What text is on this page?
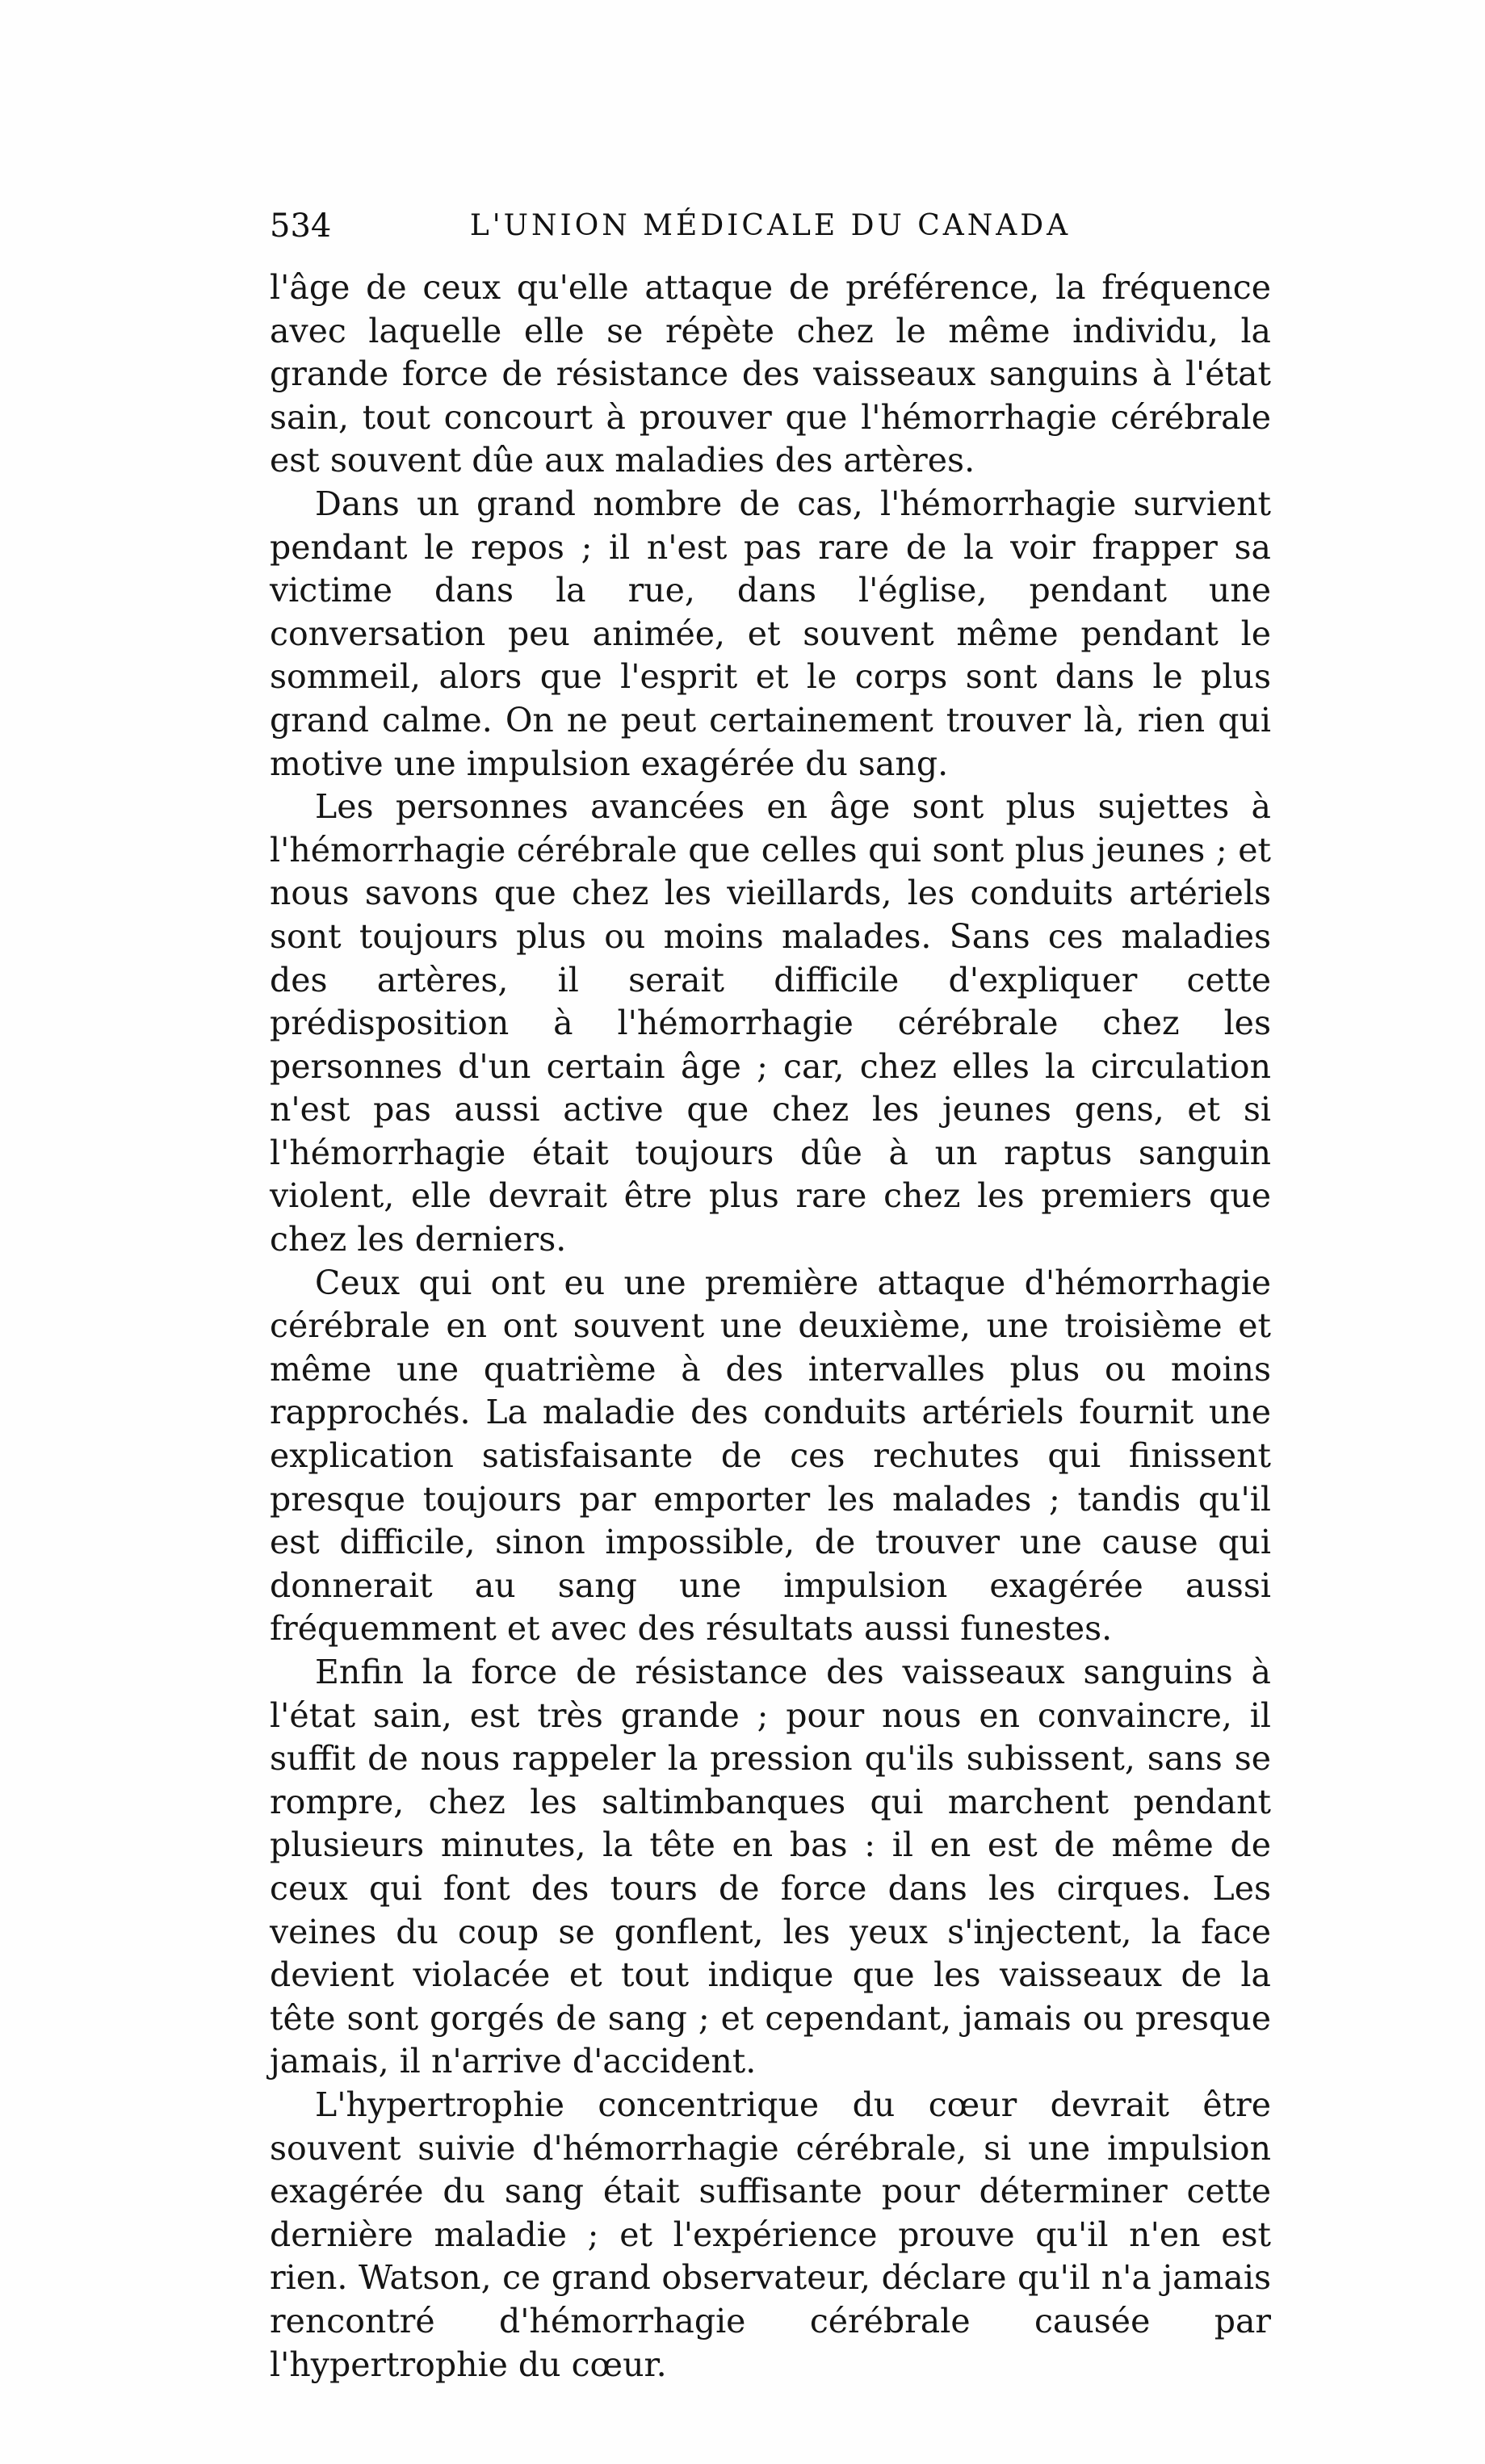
534	L'UNION MÉDICALE DU CANADA

l'âge de ceux qu'elle attaque de préférence, la fréquence avec laquelle elle se répète chez le même individu, la grande force de résistance des vaisseaux sanguins à l'état sain, tout concourt à prouver que l'hémorrhagie cérébrale est souvent dûe aux maladies des artères.

Dans un grand nombre de cas, l'hémorrhagie survient pendant le repos ; il n'est pas rare de la voir frapper sa victime dans la rue, dans l'église, pendant une conversation peu animée, et souvent même pendant le sommeil, alors que l'esprit et le corps sont dans le plus grand calme. On ne peut certainement trouver là, rien qui motive une impulsion exagérée du sang.

Les personnes avancées en âge sont plus sujettes à l'hémorrhagie cérébrale que celles qui sont plus jeunes ; et nous savons que chez les vieillards, les conduits artériels sont toujours plus ou moins malades. Sans ces maladies des artères, il serait difficile d'expliquer cette prédisposition à l'hémorrhagie cérébrale chez les personnes d'un certain âge ; car, chez elles la circulation n'est pas aussi active que chez les jeunes gens, et si l'hémorrhagie était toujours dûe à un raptus sanguin violent, elle devrait être plus rare chez les premiers que chez les derniers.

Ceux qui ont eu une première attaque d'hémorrhagie cérébrale en ont souvent une deuxième, une troisième et même une quatrième à des intervalles plus ou moins rapprochés. La maladie des conduits artériels fournit une explication satisfaisante de ces rechutes qui finissent presque toujours par emporter les malades ; tandis qu'il est difficile, sinon impossible, de trouver une cause qui donnerait au sang une impulsion exagérée aussi fréquemment et avec des résultats aussi funestes.

Enfin la force de résistance des vaisseaux sanguins à l'état sain, est très grande ; pour nous en convaincre, il suffit de nous rappeler la pression qu'ils subissent, sans se rompre, chez les saltimbanques qui marchent pendant plusieurs minutes, la tête en bas : il en est de même de ceux qui font des tours de force dans les cirques. Les veines du coup se gonflent, les yeux s'injectent, la face devient violacée et tout indique que les vaisseaux de la tête sont gorgés de sang ; et cependant, jamais ou presque jamais, il n'arrive d'accident.

L'hypertrophie concentrique du cœur devrait être souvent suivie d'hémorrhagie cérébrale, si une impulsion exagérée du sang était suffisante pour déterminer cette dernière maladie ; et l'expérience prouve qu'il n'en est rien. Watson, ce grand observateur, déclare qu'il n'a jamais rencontré d'hémorrhagie cérébrale causée par l'hypertrophie du cœur.
